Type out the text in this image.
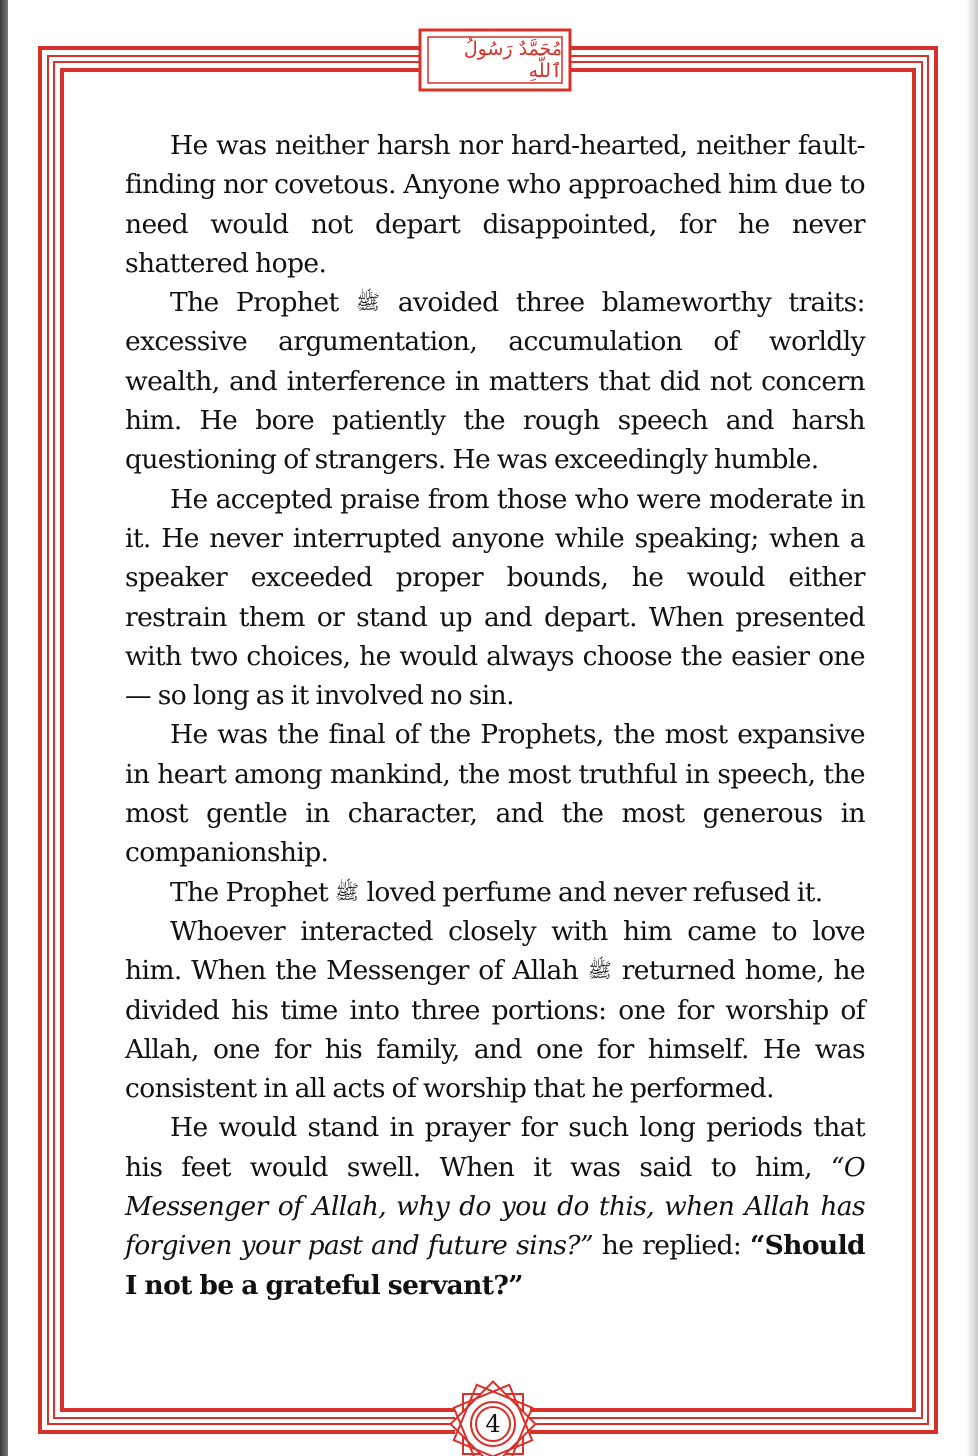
مُحَمَّدٌ رَسُولُ ٱللَّهِ

He was neither harsh nor hard-hearted, neither fault-finding nor covetous. Anyone who approached him due to need would not depart disappointed, for he never shattered hope.

The Prophet ﷺ avoided three blameworthy traits: excessive argumentation, accumulation of worldly wealth, and interference in matters that did not concern him. He bore patiently the rough speech and harsh questioning of strangers. He was exceedingly humble.

He accepted praise from those who were moderate in it. He never interrupted anyone while speaking; when a speaker exceeded proper bounds, he would either restrain them or stand up and depart. When presented with two choices, he would always choose the easier one — so long as it involved no sin.

He was the final of the Prophets, the most expansive in heart among mankind, the most truthful in speech, the most gentle in character, and the most generous in companionship.

The Prophet ﷺ loved perfume and never refused it.

Whoever interacted closely with him came to love him. When the Messenger of Allah ﷺ returned home, he divided his time into three portions: one for worship of Allah, one for his family, and one for himself. He was consistent in all acts of worship that he performed.

He would stand in prayer for such long periods that his feet would swell. When it was said to him, “O Messenger of Allah, why do you do this, when Allah has forgiven your past and future sins?” he replied: “Should I not be a grateful servant?”

4
